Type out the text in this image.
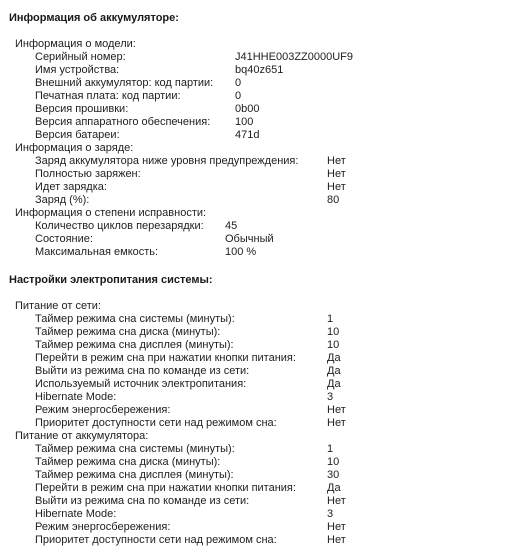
Информация об аккумуляторе:
Информация о модели:
Серийный номер:	J41HHE003ZZ0000UF9
Имя устройства:	bq40z651
Внешний аккумулятор: код партии: 0
Печатная плата: код партии:	0
Версия прошивки:	0b00
Версия аппаратного обеспечения: 100
Версия батареи:	471d
Информация о заряде:
Заряд аккумулятора ниже уровня предупреждения:	Нет
Полностью заряжен:	Нет
Идет зарядка:	Нет
Заряд (%):	80
Информация о степени исправности:
Количество циклов перезарядки: 45
Состояние:	Обычный
Максимальная емкость:	100 %
Настройки электропитания системы:
Питание от сети:
Таймер режима сна системы (минуты):	1
Таймер режима сна диска (минуты):	10
Таймер режима сна дисплея (минуты):	10
Перейти в режим сна при нажатии кнопки питания:	Да
Выйти из режима сна по команде из сети:	Да
Используемый источник электропитания:	Да
Hibernate Mode:	3
Режим энергосбережения:	Нет
Приоритет доступности сети над режимом сна:	Нет
Питание от аккумулятора:
Таймер режима сна системы (минуты):	1
Таймер режима сна диска (минуты):	10
Таймер режима сна дисплея (минуты):	30
Перейти в режим сна при нажатии кнопки питания:	Да
Выйти из режима сна по команде из сети:	Нет
Hibernate Mode:	3
Режим энергосбережения:	Нет
Приоритет доступности сети над режимом сна:	Нет
